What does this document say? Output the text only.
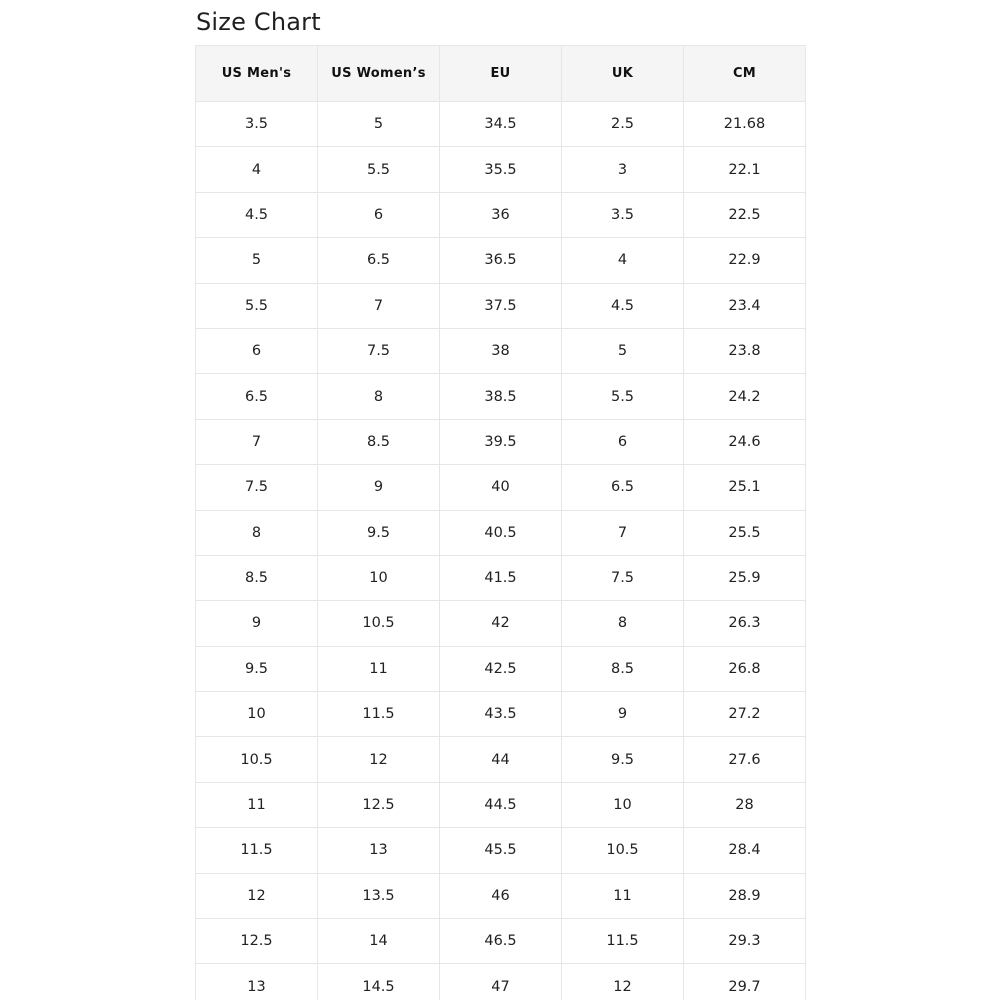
Size Chart
US Men's	US Women’s	EU	UK	CM
3.5	5	34.5	2.5	21.68
4	5.5	35.5	3	22.1
4.5	6	36	3.5	22.5
5	6.5	36.5	4	22.9
5.5	7	37.5	4.5	23.4
6	7.5	38	5	23.8
6.5	8	38.5	5.5	24.2
7	8.5	39.5	6	24.6
7.5	9	40	6.5	25.1
8	9.5	40.5	7	25.5
8.5	10	41.5	7.5	25.9
9	10.5	42	8	26.3
9.5	11	42.5	8.5	26.8
10	11.5	43.5	9	27.2
10.5	12	44	9.5	27.6
11	12.5	44.5	10	28
11.5	13	45.5	10.5	28.4
12	13.5	46	11	28.9
12.5	14	46.5	11.5	29.3
13	14.5	47	12	29.7
